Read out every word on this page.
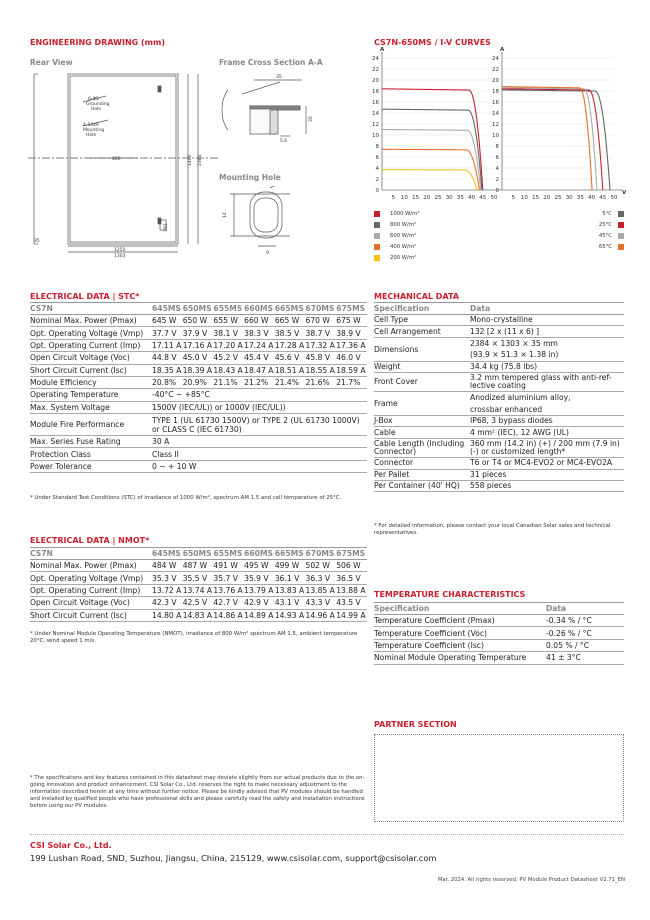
ENGINEERING DRAWING (mm)
Rear View	Frame Cross Section A-A
Mounting Hole
6-Φ5
Grounding
Hole
4-14x9
Mounting
Hole
400
1250
1303
1400 2384
35
392
35
35
5.6
14
9
CS7N-650MS / I-V CURVES
24
22
20
18
16
14
12
10
8
6
4
2
0
5 10 15 20 25 30 35 40 45 50
A
24
22
20
18
16
14
12
10
8
6
4
2
0
5 10 15 20 25 30 35 40 45 50
A
V
1000 W/m²
800 W/m²
600 W/m²
400 W/m²
200 W/m²
5°C
25°C
45°C
65°C
ELECTRICAL DATA | STC*
CS7N	645MS	650MS	655MS	660MS	665MS	670MS	675MS
Nominal Max. Power (Pmax)	645 W	650 W	655 W	660 W	665 W	670 W	675 W
Opt. Operating Voltage (Vmp)	37.7 V	37.9 V	38.1 V	38.3 V	38.5 V	38.7 V	38.9 V
Opt. Operating Current (Imp)	17.11 A	17.16 A	17.20 A	17.24 A	17.28 A	17.32 A	17.36 A
Open Circuit Voltage (Voc)	44.8 V	45.0 V	45.2 V	45.4 V	45.6 V	45.8 V	46.0 V
Short Circuit Current (Isc)	18.35 A	18.39 A	18.43 A	18.47 A	18.51 A	18.55 A	18.59 A
Module Efficiency	20.8%	20.9%	21.1%	21.2%	21.4%	21.6%	21.7%
Operating Temperature	-40°C ~ +85°C						
Max. System Voltage	1500V (IEC/UL)) or 1000V (IEC/UL))						
Module Fire Performance	TYPE 1 (UL 61730 1500V) or TYPE 2 (UL 61730 1000V) or CLASS C (IEC 61730)						
Max. Series Fuse Rating	30 A						
Protection Class	Class II						
Power Tolerance	0 ~ + 10 W						
* Under Standard Test Conditions (STC) of irradiance of 1000 W/m², spectrum AM 1.5 and cell temperature of 25°C.
ELECTRICAL DATA | NMOT*
CS7N	645MS	650MS	655MS	660MS	665MS	670MS	675MS
Nominal Max. Power (Pmax)	484 W	487 W	491 W	495 W	499 W	502 W	506 W
Opt. Operating Voltage (Vmp)	35.3 V	35.5 V	35.7 V	35.9 V	36.1 V	36.3 V	36.5 V
Opt. Operating Current (Imp)	13.72 A	13.74 A	13.76 A	13.79 A	13.83 A	13.85 A	13.88 A
Open Circuit Voltage (Voc)	42.3 V	42.5 V	42.7 V	42.9 V	43.1 V	43.3 V	43.5 V
Short Circuit Current (Isc)	14.80 A	14.83 A	14.86 A	14.89 A	14.93 A	14.96 A	14.99 A
* Under Nominal Module Operating Temperature (NMOT), irradiance of 800 W/m² spectrum AM 1.5, ambient temperature 20°C, wind speed 1 m/s.
MECHANICAL DATA
Specification	Data
Cell Type	Mono-crystalline
Cell Arrangement	132 [2 x (11 x 6) ]
Dimensions	2384 × 1303 × 35 mm
	(93.9 × 51.3 × 1.38 in)
Weight	34.4 kg (75.8 lbs)
Front Cover	3.2 mm tempered glass with anti-ref-lective coating
Frame	Anodized aluminium alloy,
	crossbar enhanced
J-Box	IP68, 3 bypass diodes
Cable	4 mm² (IEC), 12 AWG (UL)
Cable Length (Including Connector)	360 mm (14.2 in) (+) / 200 mm (7.9 in) (-) or customized length*
Connector	T6 or T4 or MC4-EVO2 or MC4-EVO2A
Per Pallet	31 pieces
Per Container (40' HQ)	558 pieces
* For detailed information, please contact your local Canadian Solar sales and technical representatives.
TEMPERATURE CHARACTERISTICS
Specification	Data
Temperature Coefficient (Pmax)	-0.34 % / °C
Temperature Coefficient (Voc)	-0.26 % / °C
Temperature Coefficient (Isc)	0.05 % / °C
Nominal Module Operating Temperature	41 ± 3°C
PARTNER SECTION
* The specifications and key features contained in this datasheet may deviate slightly from our actual products due to the on-going innovation and product enhancement. CSI Solar Co., Ltd. reserves the right to make necessary adjustment to the information described herein at any time without further notice. Please be kindly advised that PV modules should be handled and installed by qualified people who have professional skills and please carefully read the safety and installation instructions before using our PV modules.
CSI Solar Co., Ltd.
199 Lushan Road, SND, Suzhou, Jiangsu, China, 215129, www.csisolar.com, support@csisolar.com
Mar. 2024. All rights reserved, PV Module Product Datasheet V2.71_EN
